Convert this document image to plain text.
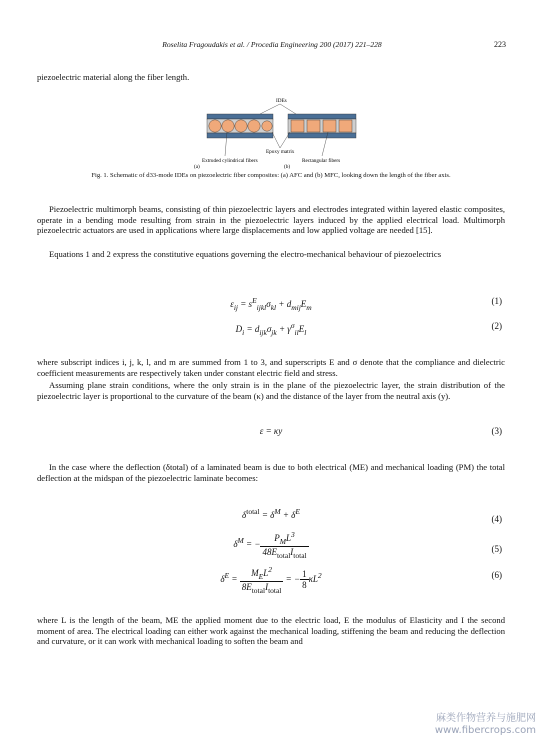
Roselita Fragoudakis et al. / Procedia Engineering 200 (2017) 221–228	223
piezoelectric material along the fiber length.
IDEs
Epoxy matrix
Extruded cylindrical fibers	Rectangular fibers
(a)	(b)
Fig. 1. Schematic of d33-mode IDEs on piezoelectric fiber composites: (a) AFC and (b) MFC, looking down the length of the fiber axis.
Piezoelectric multimorph beams, consisting of thin piezoelectric layers and electrodes integrated within layered elastic composites, operate in a bending mode resulting from strain in the piezoelectric layers induced by the applied electrical load. Multimorph piezoelectric actuators are used in applications where large displacements and low applied voltage are needed [15].
Equations 1 and 2 express the constitutive equations governing the electro-mechanical behaviour of piezoelectrics
$\varepsilon_{ij} = s^E_{ijkl}\sigma_{kl} + d_{mij}E_m$
(1)
$D_i = d_{ijk}\sigma_{jk} + \gamma^\sigma_{il}E_l$
(2)
where subscript indices i, j, k, l, and m are summed from 1 to 3, and superscripts E and σ denote that the compliance and dielectric coefficient measurements are respectively taken under constant electric field and stress.
Assuming plane strain conditions, where the only strain is in the plane of the piezoelectric layer, the strain distribution of the piezoelectric layer is proportional to the curvature of the beam (κ) and the distance of the layer from the neutral axis (y).
ε = κy	(3)
In the case where the deflection (δtotal) of a laminated beam is due to both electrical (ME) and mechanical loading (PM) the total deflection at the midspan of the piezoelectric laminate becomes:
$\delta^{total} = \delta^M + \delta^E$
(4)
$\delta^M$ = − $\frac{P_ML^3}{48E_{total}I_{total}}$	(5)
$\delta^E = \frac{M_EL^2}{8E_{total}I_{total}}$ = − $\frac{1}{8} \kappa L^2$	(6)
where L is the length of the beam, ME the applied moment due to the electric load, E the modulus of Elasticity and I the second moment of area. The electrical loading can either work against the mechanical loading, stiffening the beam and reducing the deflection and curvature, or it can work with mechanical loading to soften the beam and
麻类作物营养与施肥网
www.fibercrops.com
